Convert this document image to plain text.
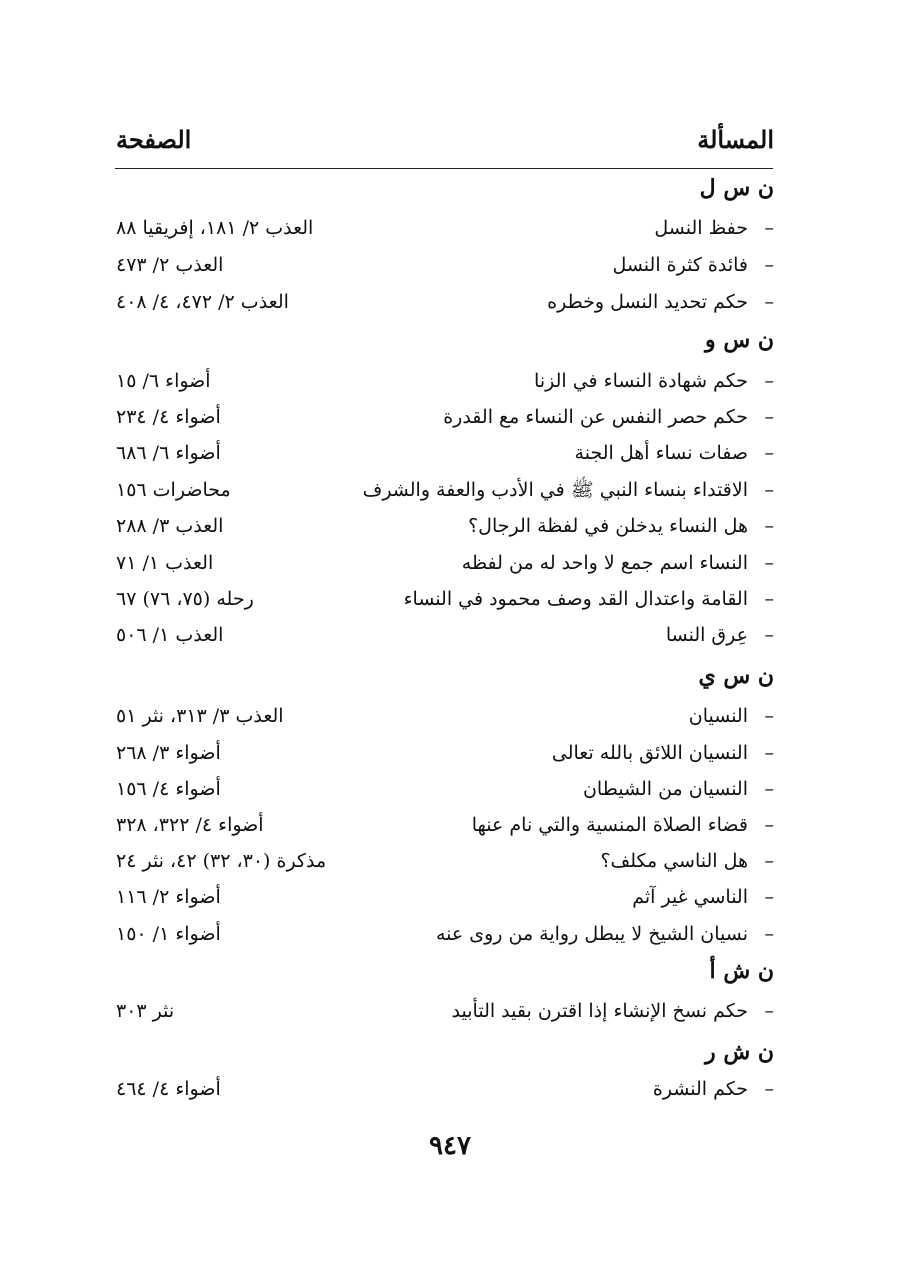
المسألة
الصفحة
ن س ل
–
حفظ النسل
العذب ٢/ ١٨١، إفريقيا ٨٨
–
فائدة كثرة النسل
العذب ٢/ ٤٧٣
–
حكم تحديد النسل وخطره
العذب ٢/ ٤٧٢، ٤/ ٤٠٨
ن س و
–
حكم شهادة النساء في الزنا
أضواء ٦/ ١٥
–
حكم حصر النفس عن النساء مع القدرة
أضواء ٤/ ٢٣٤
–
صفات نساء أهل الجنة
أضواء ٦/ ٦٨٦
–
الاقتداء بنساء النبي ﷺ في الأدب والعفة والشرف
محاضرات ١٥٦
–
هل النساء يدخلن في لفظة الرجال؟
العذب ٣/ ٢٨٨
–
النساء اسم جمع لا واحد له من لفظه
العذب ١/ ٧١
–
القامة واعتدال القد وصف محمود في النساء
رحله (٧٥، ٧٦) ٦٧
–
عِرق النسا
العذب ١/ ٥٠٦
ن س ي
–
النسيان
العذب ٣/ ٣١٣، نثر ٥١
–
النسيان اللائق بالله تعالى
أضواء ٣/ ٢٦٨
–
النسيان من الشيطان
أضواء ٤/ ١٥٦
–
قضاء الصلاة المنسية والتي نام عنها
أضواء ٤/ ٣٢٢، ٣٢٨
–
هل الناسي مكلف؟
مذكرة (٣٠، ٣٢) ٤٢، نثر ٢٤
–
الناسي غير آثم
أضواء ٢/ ١١٦
–
نسيان الشيخ لا يبطل رواية من روى عنه
أضواء ١/ ١٥٠
ن ش أ
–
حكم نسخ الإنشاء إذا اقترن بقيد التأبيد
نثر ٣٠٣
ن ش ر
–
حكم النشرة
أضواء ٤/ ٤٦٤
٩٤٧
